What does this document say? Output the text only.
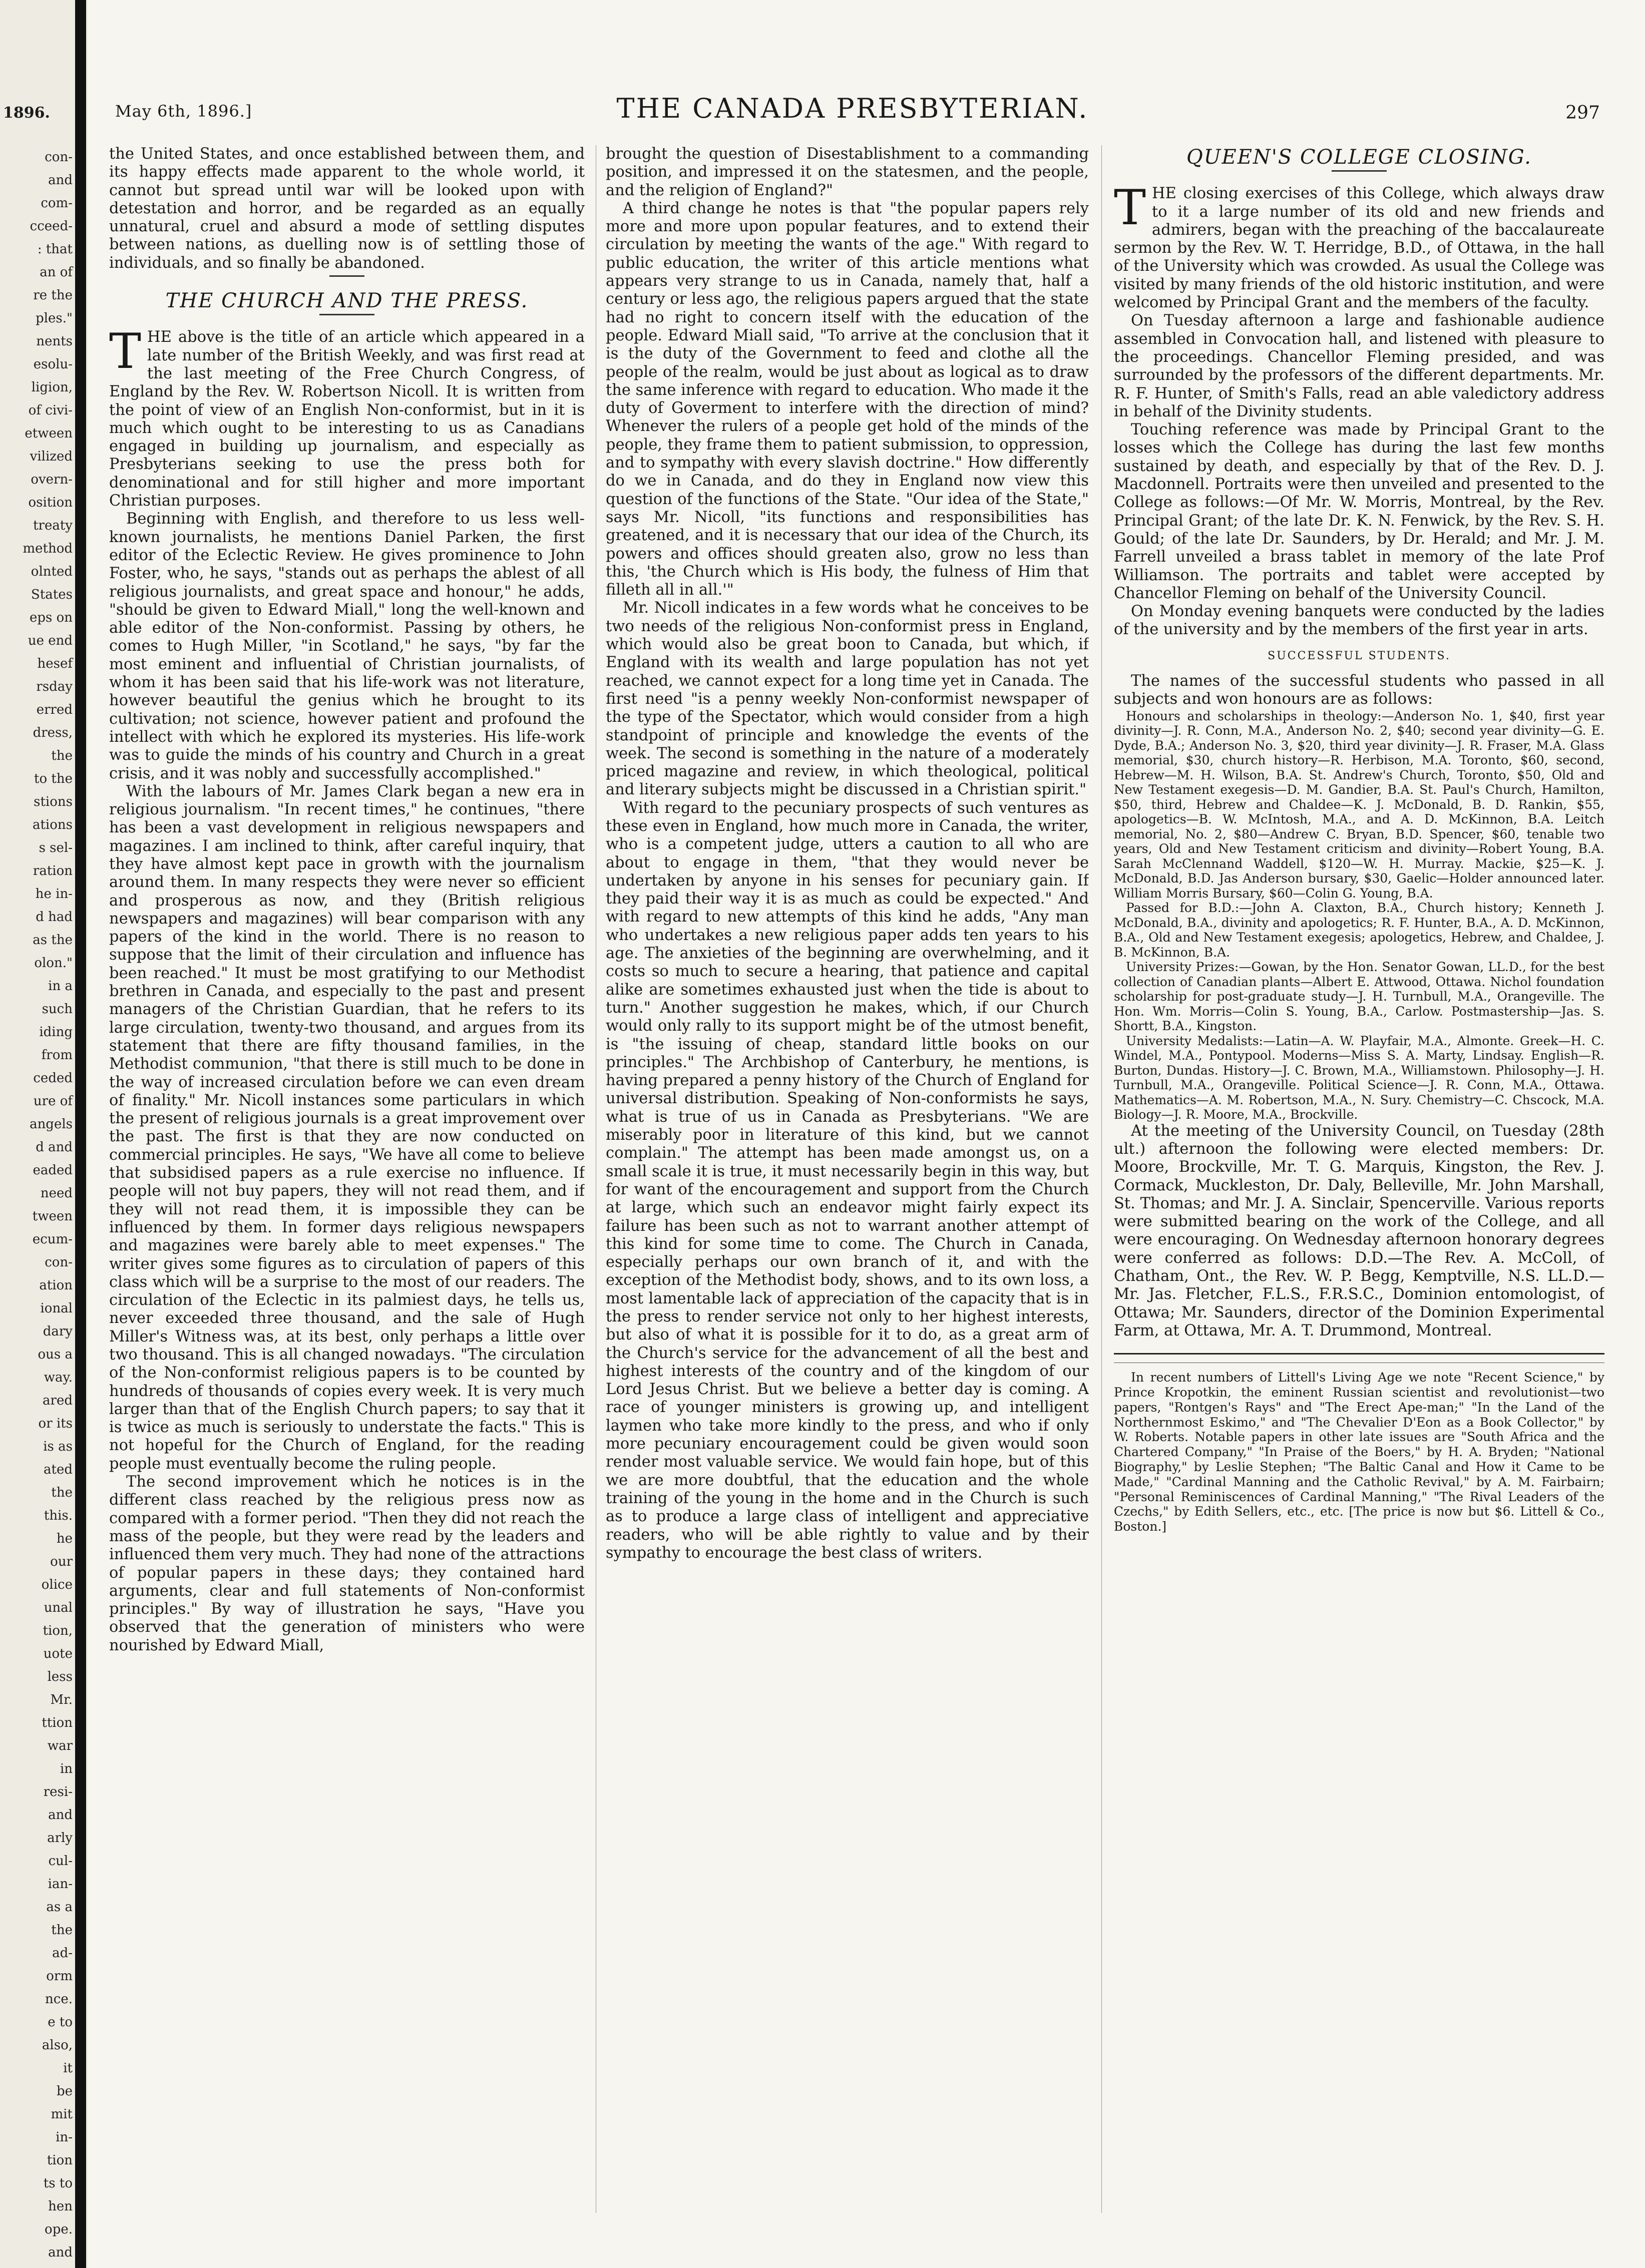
1896.
con-
and
com-
cceed-
: that
an of
re the
ples."
nents
esolu-
ligion,
of civi-
etween
vilized
overn-
osition
treaty
method
olnted
States
eps on
ue end
hesef
rsday
erred
dress,
the
to the
stions
ations
s sel-
ration
he in-
d had
as the
olon."
in a
such
iding
from
ceded
ure of
angels
d and
eaded
need
tween
ecum-
con-
ation
ional
dary
ous a
way.
ared
or its
is as
ated
the
this.
he
our
olice
unal
tion,
uote
less
Mr.
ttion
war
in
resi-
and
arly
cul-
ian-
as a
the
ad-
orm
nce.
e to
also,
it
be
mit
in-
tion
ts to
hen
ope.
and
May 6th, 1896.]	THE CANADA PRESBYTERIAN.	297

the United States, and once established between them, and its happy effects made apparent to the whole world, it cannot but spread until war will be looked upon with detestation and horror, and be regarded as an equally unnatural, cruel and absurd a mode of settling disputes between nations, as duelling now is of settling those of individuals, and so finally be abandoned.

THE CHURCH AND THE PRESS.

THE above is the title of an article which appeared in a late number of the British Weekly, and was first read at the last meeting of the Free Church Congress, of England by the Rev. W. Robertson Nicoll. It is written from the point of view of an English Non-conformist, but in it is much which ought to be interesting to us as Canadians engaged in building up journalism, and especially as Presbyterians seeking to use the press both for denominational and for still higher and more important Christian purposes.

Beginning with English, and therefore to us less well-known journalists, he mentions Daniel Parken, the first editor of the Eclectic Review. He gives prominence to John Foster, who, he says, "stands out as perhaps the ablest of all religious journalists, and great space and honour," he adds, "should be given to Edward Miall," long the well-known and able editor of the Non-conformist. Passing by others, he comes to Hugh Miller, "in Scotland," he says, "by far the most eminent and influential of Christian journalists, of whom it has been said that his life-work was not literature, however beautiful the genius which he brought to its cultivation; not science, however patient and profound the intellect with which he explored its mysteries. His life-work was to guide the minds of his country and Church in a great crisis, and it was nobly and successfully accomplished."

With the labours of Mr. James Clark began a new era in religious journalism. "In recent times," he continues, "there has been a vast development in religious newspapers and magazines. I am inclined to think, after careful inquiry, that they have almost kept pace in growth with the journalism around them. In many respects they were never so efficient and prosperous as now, and they (British religious newspapers and magazines) will bear comparison with any papers of the kind in the world. There is no reason to suppose that the limit of their circulation and influence has been reached." It must be most gratifying to our Methodist brethren in Canada, and especially to the past and present managers of the Christian Guardian, that he refers to its large circulation, twenty-two thousand, and argues from its statement that there are fifty thousand families, in the Methodist communion, "that there is still much to be done in the way of increased circulation before we can even dream of finality." Mr. Nicoll instances some particulars in which the present of religious journals is a great improvement over the past. The first is that they are now conducted on commercial principles. He says, "We have all come to believe that subsidised papers as a rule exercise no influence. If people will not buy papers, they will not read them, and if they will not read them, it is impossible they can be influenced by them. In former days religious newspapers and magazines were barely able to meet expenses." The writer gives some figures as to circulation of papers of this class which will be a surprise to the most of our readers. The circulation of the Eclectic in its palmiest days, he tells us, never exceeded three thousand, and the sale of Hugh Miller's Witness was, at its best, only perhaps a little over two thousand. This is all changed nowadays. "The circulation of the Non-conformist religious papers is to be counted by hundreds of thousands of copies every week. It is very much larger than that of the English Church papers; to say that it is twice as much is seriously to understate the facts." This is not hopeful for the Church of England, for the reading people must eventually become the ruling people.

The second improvement which he notices is in the different class reached by the religious press now as compared with a former period. "Then they did not reach the mass of the people, but they were read by the leaders and influenced them very much. They had none of the attractions of popular papers in these days; they contained hard arguments, clear and full statements of Non-conformist principles." By way of illustration he says, "Have you observed that the generation of ministers who were nourished by Edward Miall,

brought the question of Disestablishment to a commanding position, and impressed it on the statesmen, and the people, and the religion of England?"

A third change he notes is that "the popular papers rely more and more upon popular features, and to extend their circulation by meeting the wants of the age." With regard to public education, the writer of this article mentions what appears very strange to us in Canada, namely that, half a century or less ago, the religious papers argued that the state had no right to concern itself with the education of the people. Edward Miall said, "To arrive at the conclusion that it is the duty of the Government to feed and clothe all the people of the realm, would be just about as logical as to draw the same inference with regard to education. Who made it the duty of Goverment to interfere with the direction of mind? Whenever the rulers of a people get hold of the minds of the people, they frame them to patient submission, to oppression, and to sympathy with every slavish doctrine." How differently do we in Canada, and do they in England now view this question of the functions of the State. "Our idea of the State," says Mr. Nicoll, "its functions and responsibilities has greatened, and it is necessary that our idea of the Church, its powers and offices should greaten also, grow no less than this, 'the Church which is His body, the fulness of Him that filleth all in all.'"

Mr. Nicoll indicates in a few words what he conceives to be two needs of the religious Non-conformist press in England, which would also be great boon to Canada, but which, if England with its wealth and large population has not yet reached, we cannot expect for a long time yet in Canada. The first need "is a penny weekly Non-conformist newspaper of the type of the Spectator, which would consider from a high standpoint of principle and knowledge the events of the week. The second is something in the nature of a moderately priced magazine and review, in which theological, political and literary subjects might be discussed in a Christian spirit."

With regard to the pecuniary prospects of such ventures as these even in England, how much more in Canada, the writer, who is a competent judge, utters a caution to all who are about to engage in them, "that they would never be undertaken by anyone in his senses for pecuniary gain. If they paid their way it is as much as could be expected." And with regard to new attempts of this kind he adds, "Any man who undertakes a new religious paper adds ten years to his age. The anxieties of the beginning are overwhelming, and it costs so much to secure a hearing, that patience and capital alike are sometimes exhausted just when the tide is about to turn." Another suggestion he makes, which, if our Church would only rally to its support might be of the utmost benefit, is "the issuing of cheap, standard little books on our principles." The Archbishop of Canterbury, he mentions, is having prepared a penny history of the Church of England for universal distribution. Speaking of Non-conformists he says, what is true of us in Canada as Presbyterians. "We are miserably poor in literature of this kind, but we cannot complain." The attempt has been made amongst us, on a small scale it is true, it must necessarily begin in this way, but for want of the encouragement and support from the Church at large, which such an endeavor might fairly expect its failure has been such as not to warrant another attempt of this kind for some time to come. The Church in Canada, especially perhaps our own branch of it, and with the exception of the Methodist body, shows, and to its own loss, a most lamentable lack of appreciation of the capacity that is in the press to render service not only to her highest interests, but also of what it is possible for it to do, as a great arm of the Church's service for the advancement of all the best and highest interests of the country and of the kingdom of our Lord Jesus Christ. But we believe a better day is coming. A race of younger ministers is growing up, and intelligent laymen who take more kindly to the press, and who if only more pecuniary encouragement could be given would soon render most valuable service. We would fain hope, but of this we are more doubtful, that the education and the whole training of the young in the home and in the Church is such as to produce a large class of intelligent and appreciative readers, who will be able rightly to value and by their sympathy to encourage the best class of writers.

QUEEN'S COLLEGE CLOSING.

THE closing exercises of this College, which always draw to it a large number of its old and new friends and admirers, began with the preaching of the baccalaureate sermon by the Rev. W. T. Herridge, B.D., of Ottawa, in the hall of the University which was crowded. As usual the College was visited by many friends of the old historic institution, and were welcomed by Principal Grant and the members of the faculty.

On Tuesday afternoon a large and fashionable audience assembled in Convocation hall, and listened with pleasure to the proceedings. Chancellor Fleming presided, and was surrounded by the professors of the different departments. Mr. R. F. Hunter, of Smith's Falls, read an able valedictory address in behalf of the Divinity students.

Touching reference was made by Principal Grant to the losses which the College has during the last few months sustained by death, and especially by that of the Rev. D. J. Macdonnell. Portraits were then unveiled and presented to the College as follows:—Of Mr. W. Morris, Montreal, by the Rev. Principal Grant; of the late Dr. K. N. Fenwick, by the Rev. S. H. Gould; of the late Dr. Saunders, by Dr. Herald; and Mr. J. M. Farrell unveiled a brass tablet in memory of the late Prof Williamson. The portraits and tablet were accepted by Chancellor Fleming on behalf of the University Council.

On Monday evening banquets were conducted by the ladies of the university and by the members of the first year in arts.

SUCCESSFUL STUDENTS.

The names of the successful students who passed in all subjects and won honours are as follows:

Honours and scholarships in theology:—Anderson No. 1, $40, first year divinity—J. R. Conn, M.A., Anderson No. 2, $40; second year divinity—G. E. Dyde, B.A.; Anderson No. 3, $20, third year divinity—J. R. Fraser, M.A. Glass memorial, $30, church history—R. Herbison, M.A. Toronto, $60, second, Hebrew—M. H. Wilson, B.A. St. Andrew's Church, Toronto, $50, Old and New Testament exegesis—D. M. Gandier, B.A. St. Paul's Church, Hamilton, $50, third, Hebrew and Chaldee—K. J. McDonald, B. D. Rankin, $55, apologetics—B. W. McIntosh, M.A., and A. D. McKinnon, B.A. Leitch memorial, No. 2, $80—Andrew C. Bryan, B.D. Spencer, $60, tenable two years, Old and New Testament criticism and divinity—Robert Young, B.A. Sarah McClennand Waddell, $120—W. H. Murray. Mackie, $25—K. J. McDonald, B.D. Jas Anderson bursary, $30, Gaelic—Holder announced later. William Morris Bursary, $60—Colin G. Young, B.A.

Passed for B.D.:—John A. Claxton, B.A., Church history; Kenneth J. McDonald, B.A., divinity and apologetics; R. F. Hunter, B.A., A. D. McKinnon, B.A., Old and New Testament exegesis; apologetics, Hebrew, and Chaldee, J. B. McKinnon, B.A.

University Prizes:—Gowan, by the Hon. Senator Gowan, LL.D., for the best collection of Canadian plants—Albert E. Attwood, Ottawa. Nichol foundation scholarship for post-graduate study—J. H. Turnbull, M.A., Orangeville. The Hon. Wm. Morris—Colin S. Young, B.A., Carlow. Postmastership—Jas. S. Shortt, B.A., Kingston.

University Medalists:—Latin—A. W. Playfair, M.A., Almonte. Greek—H. C. Windel, M.A., Pontypool. Moderns—Miss S. A. Marty, Lindsay. English—R. Burton, Dundas. History—J. C. Brown, M.A., Williamstown. Philosophy—J. H. Turnbull, M.A., Orangeville. Political Science—J. R. Conn, M.A., Ottawa. Mathematics—A. M. Robertson, M.A., N. Sury. Chemistry—C. Chscock, M.A. Biology—J. R. Moore, M.A., Brockville.

At the meeting of the University Council, on Tuesday (28th ult.) afternoon the following were elected members: Dr. Moore, Brockville, Mr. T. G. Marquis, Kingston, the Rev. J. Cormack, Muckleston, Dr. Daly, Belleville, Mr. John Marshall, St. Thomas; and Mr. J. A. Sinclair, Spencerville. Various reports were submitted bearing on the work of the College, and all were encouraging. On Wednesday afternoon honorary degrees were conferred as follows: D.D.—The Rev. A. McColl, of Chatham, Ont., the Rev. W. P. Begg, Kemptville, N.S. LL.D.—Mr. Jas. Fletcher, F.L.S., F.R.S.C., Dominion entomologist, of Ottawa; Mr. Saunders, director of the Dominion Experimental Farm, at Ottawa, Mr. A. T. Drummond, Montreal.

In recent numbers of Littell's Living Age we note "Recent Science," by Prince Kropotkin, the eminent Russian scientist and revolutionist—two papers, "Rontgen's Rays" and "The Erect Ape-man;" "In the Land of the Northernmost Eskimo," and "The Chevalier D'Eon as a Book Collector," by W. Roberts. Notable papers in other late issues are "South Africa and the Chartered Company," "In Praise of the Boers," by H. A. Bryden; "National Biography," by Leslie Stephen; "The Baltic Canal and How it Came to be Made," "Cardinal Manning and the Catholic Revival," by A. M. Fairbairn; "Personal Reminiscences of Cardinal Manning," "The Rival Leaders of the Czechs," by Edith Sellers, etc., etc. [The price is now but $6. Littell & Co., Boston.]
